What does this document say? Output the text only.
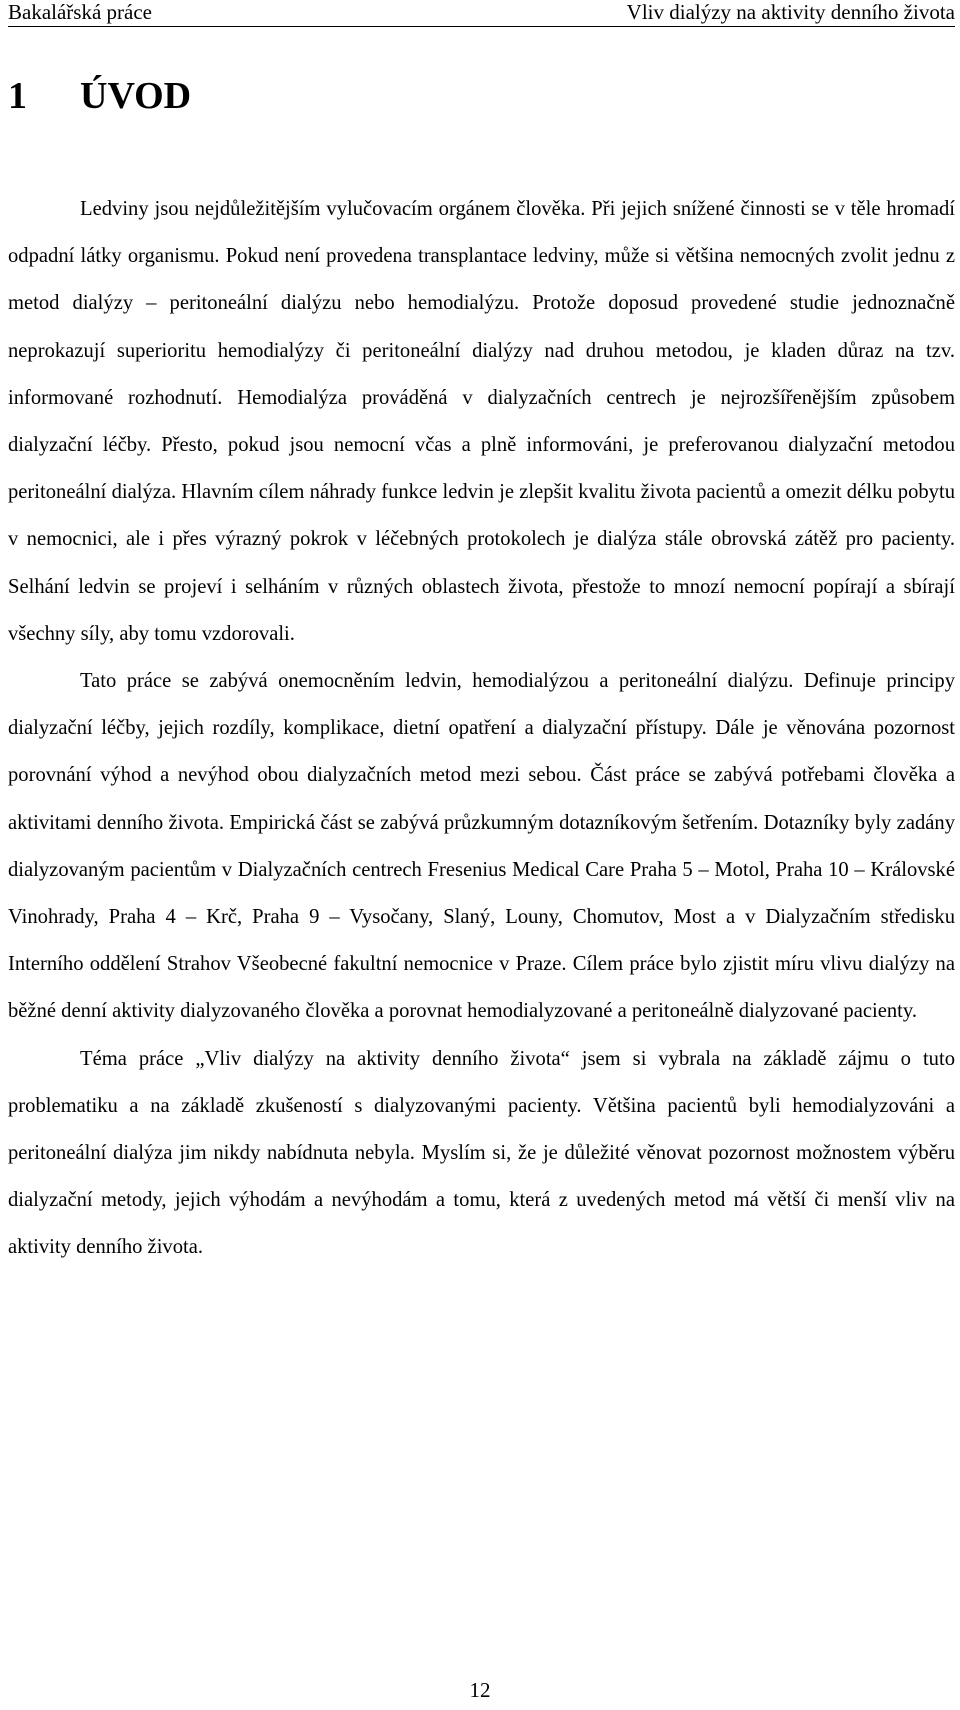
Bakalářská práce	Vliv dialýzy na aktivity denního života
1	ÚVOD

Ledviny jsou nejdůležitějším vylučovacím orgánem člověka. Při jejich snížené činnosti se v těle hromadí odpadní látky organismu. Pokud není provedena transplantace ledviny, může si většina nemocných zvolit jednu z metod dialýzy – peritoneální dialýzu nebo hemodialýzu. Protože doposud provedené studie jednoznačně neprokazují superioritu hemodialýzy či peritoneální dialýzy nad druhou metodou, je kladen důraz na tzv. informované rozhodnutí. Hemodialýza prováděná v dialyzačních centrech je nejrozšířenějším způsobem dialyzační léčby. Přesto, pokud jsou nemocní včas a plně informováni, je preferovanou dialyzační metodou peritoneální dialýza. Hlavním cílem náhrady funkce ledvin je zlepšit kvalitu života pacientů a omezit délku pobytu v nemocnici, ale i přes výrazný pokrok v léčebných protokolech je dialýza stále obrovská zátěž pro pacienty. Selhání ledvin se projeví i selháním v různých oblastech života, přestože to mnozí nemocní popírají a sbírají všechny síly, aby tomu vzdorovali.

Tato práce se zabývá onemocněním ledvin, hemodialýzou a peritoneální dialýzu. Definuje principy dialyzační léčby, jejich rozdíly, komplikace, dietní opatření a dialyzační přístupy. Dále je věnována pozornost porovnání výhod a nevýhod obou dialyzačních metod mezi sebou. Část práce se zabývá potřebami člověka a aktivitami denního života. Empirická část se zabývá průzkumným dotazníkovým šetřením. Dotazníky byly zadány dialyzovaným pacientům v Dialyzačních centrech Fresenius Medical Care Praha 5 – Motol, Praha 10 – Královské Vinohrady, Praha 4 – Krč, Praha 9 – Vysočany, Slaný, Louny, Chomutov, Most a v Dialyzačním středisku Interního oddělení Strahov Všeobecné fakultní nemocnice v Praze. Cílem práce bylo zjistit míru vlivu dialýzy na běžné denní aktivity dialyzovaného člověka a porovnat hemodialyzované a peritoneálně dialyzované pacienty.

Téma práce „Vliv dialýzy na aktivity denního života“ jsem si vybrala na základě zájmu o tuto problematiku a na základě zkušeností s dialyzovanými pacienty. Většina pacientů byli hemodialyzováni a peritoneální dialýza jim nikdy nabídnuta nebyla. Myslím si, že je důležité věnovat pozornost možnostem výběru dialyzační metody, jejich výhodám a nevýhodám a tomu, která z uvedených metod má větší či menší vliv na aktivity denního života.

12
